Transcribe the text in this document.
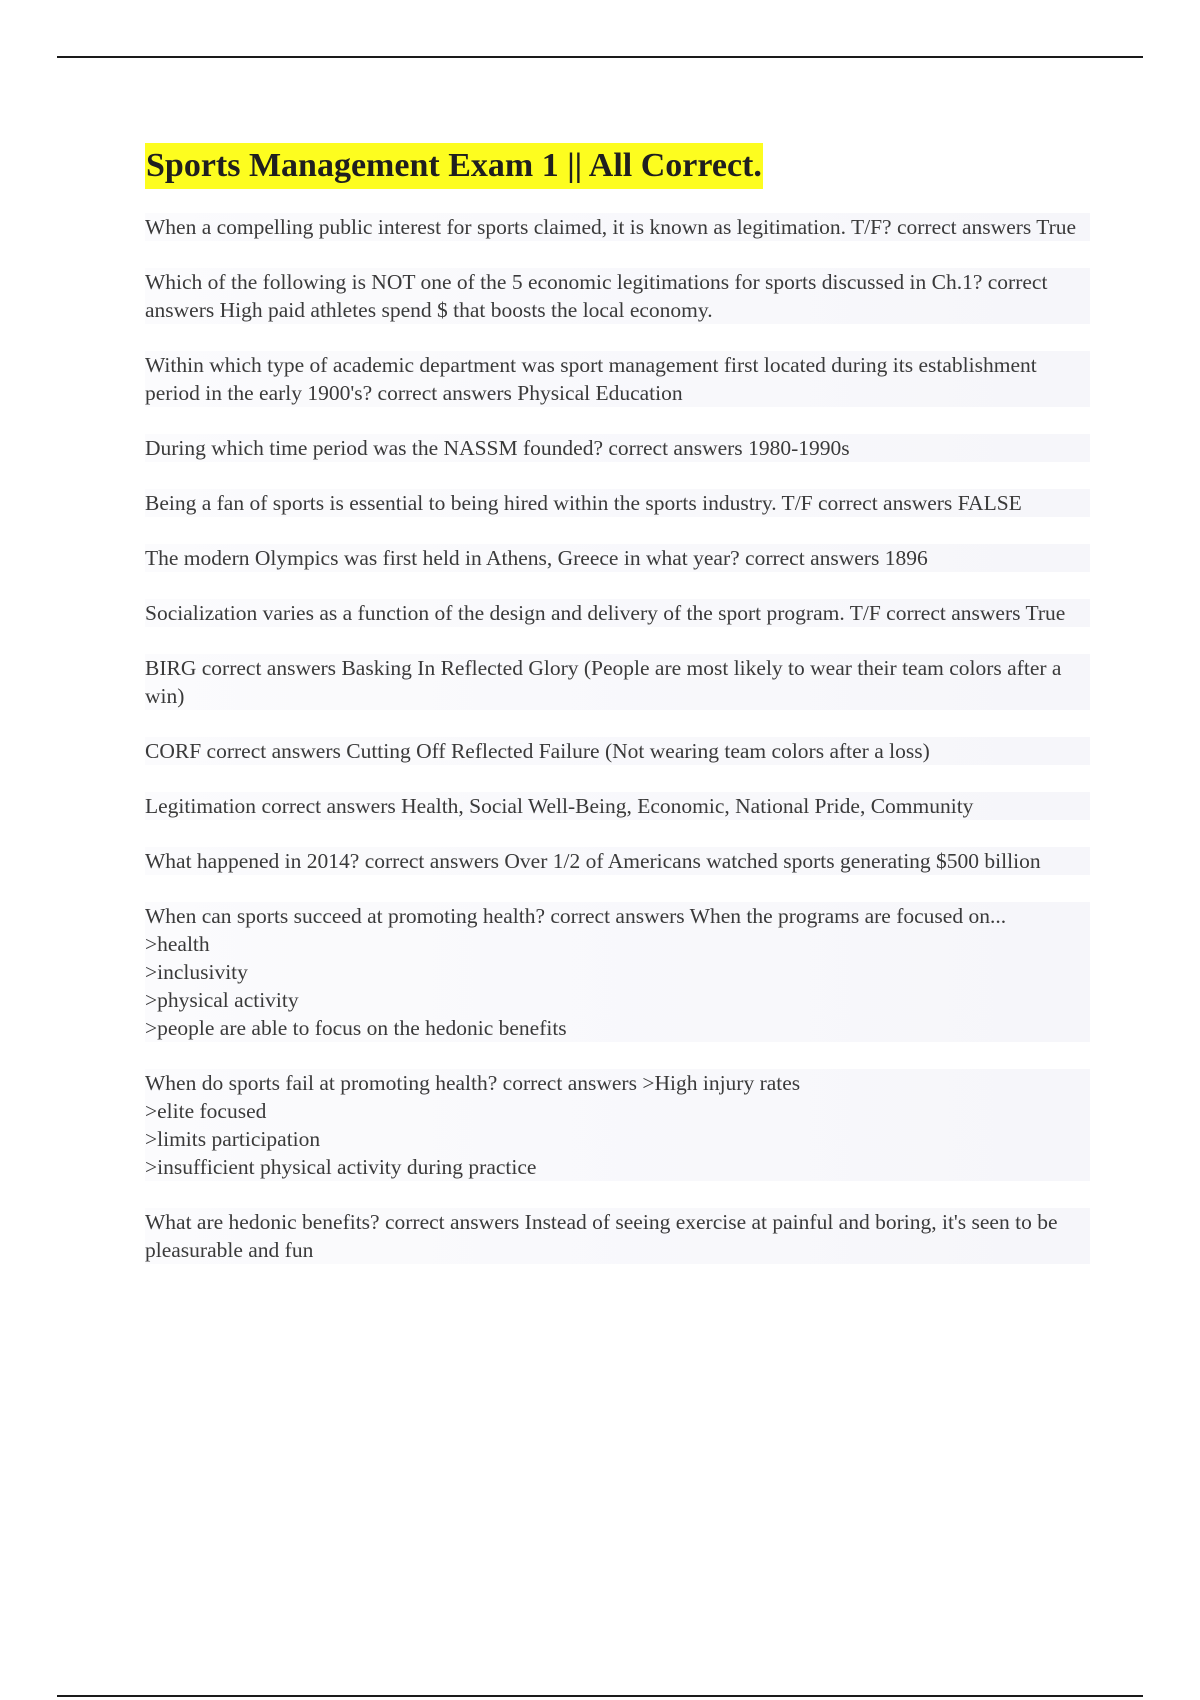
Sports Management Exam 1 || All Correct.

When a compelling public interest for sports claimed, it is known as legitimation. T/F? correct answers True

Which of the following is NOT one of the 5 economic legitimations for sports discussed in Ch.1? correct answers High paid athletes spend $ that boosts the local economy.

Within which type of academic department was sport management first located during its establishment period in the early 1900's? correct answers Physical Education

During which time period was the NASSM founded? correct answers 1980-1990s

Being a fan of sports is essential to being hired within the sports industry. T/F correct answers FALSE

The modern Olympics was first held in Athens, Greece in what year? correct answers 1896

Socialization varies as a function of the design and delivery of the sport program. T/F correct answers True

BIRG correct answers Basking In Reflected Glory (People are most likely to wear their team colors after a win)

CORF correct answers Cutting Off Reflected Failure (Not wearing team colors after a loss)

Legitimation correct answers Health, Social Well-Being, Economic, National Pride, Community

What happened in 2014? correct answers Over 1/2 of Americans watched sports generating $500 billion

When can sports succeed at promoting health? correct answers When the programs are focused on...
>health
>inclusivity
>physical activity
>people are able to focus on the hedonic benefits

When do sports fail at promoting health? correct answers >High injury rates
>elite focused
>limits participation
>insufficient physical activity during practice

What are hedonic benefits? correct answers Instead of seeing exercise at painful and boring, it's seen to be pleasurable and fun
